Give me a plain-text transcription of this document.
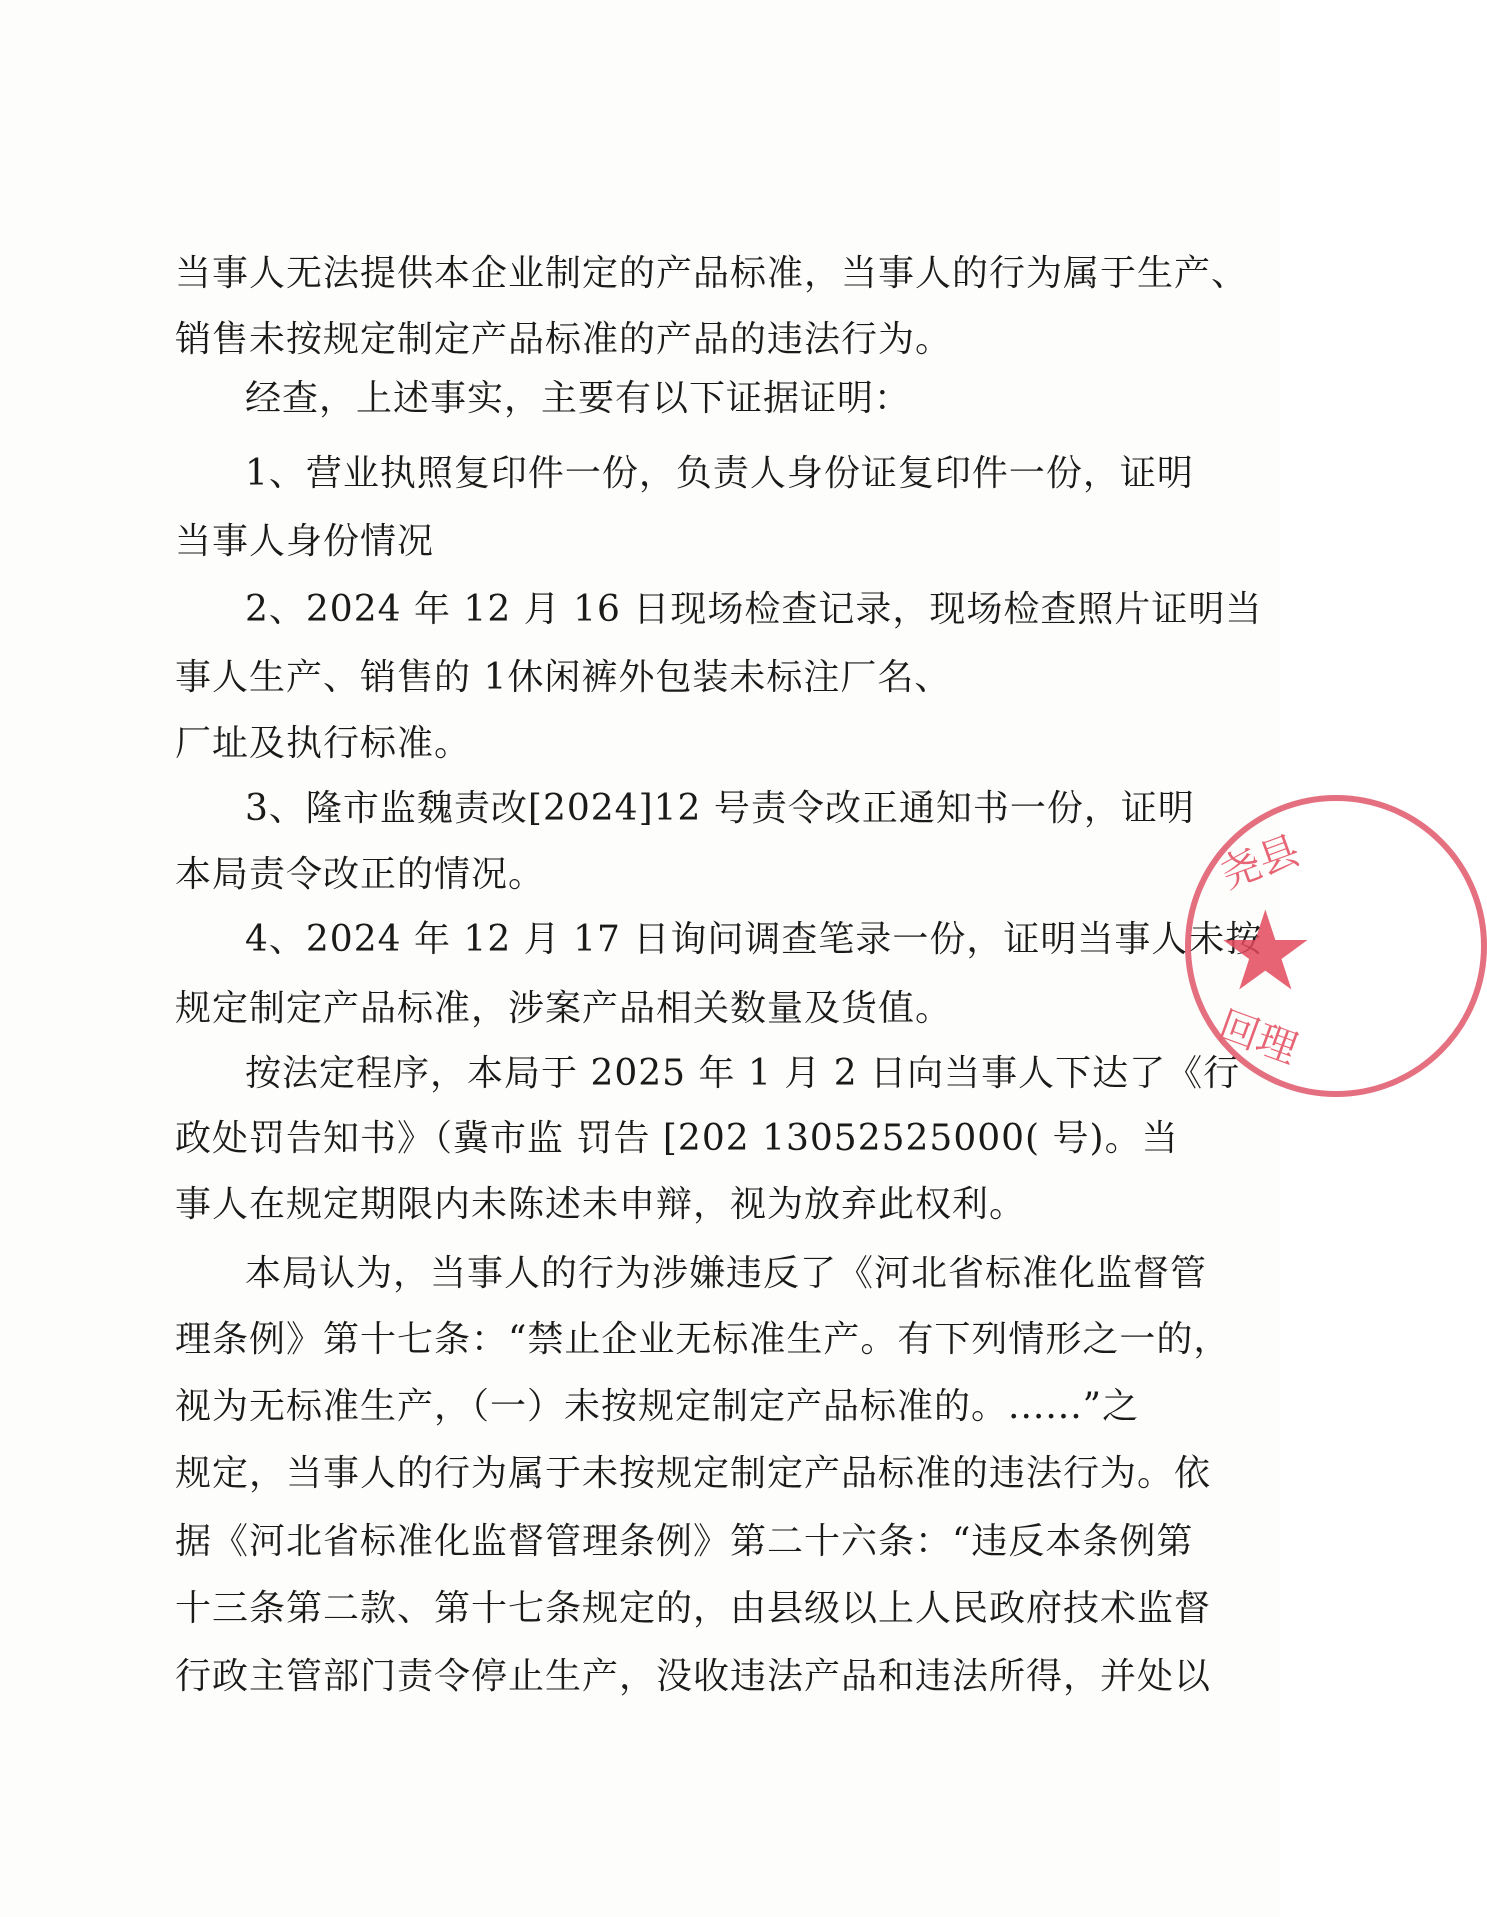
当事人无法提供本企业制定的产品标准，当事人的行为属于生产、
销售未按规定制定产品标准的产品的违法行为。
经查，上述事实，主要有以下证据证明：
1、营业执照复印件一份，负责人身份证复印件一份，证明
当事人身份情况
2、2024 年 12 月 16 日现场检查记录，现场检查照片证明当
事人生产、销售的 1休闲裤外包装未标注厂名、
厂址及执行标准。
3、隆市监魏责改[2024]12 号责令改正通知书一份，证明
本局责令改正的情况。
4、2024 年 12 月 17 日询问调查笔录一份，证明当事人未按
规定制定产品标准，涉案产品相关数量及货值。
按法定程序，本局于 2025 年 1 月 2 日向当事人下达了《行
政处罚告知书》（冀市监 罚告 [202 13052525000( 号)。当
事人在规定期限内未陈述未申辩，视为放弃此权利。
本局认为，当事人的行为涉嫌违反了《河北省标准化监督管
理条例》第十七条：“禁止企业无标准生产。有下列情形之一的，
视为无标准生产，（一）未按规定制定产品标准的。......”之
规定，当事人的行为属于未按规定制定产品标准的违法行为。依
据《河北省标准化监督管理条例》第二十六条：“违反本条例第
十三条第二款、第十七条规定的，由县级以上人民政府技术监督
行政主管部门责令停止生产，没收违法产品和违法所得，并处以
尧县
★
回理
